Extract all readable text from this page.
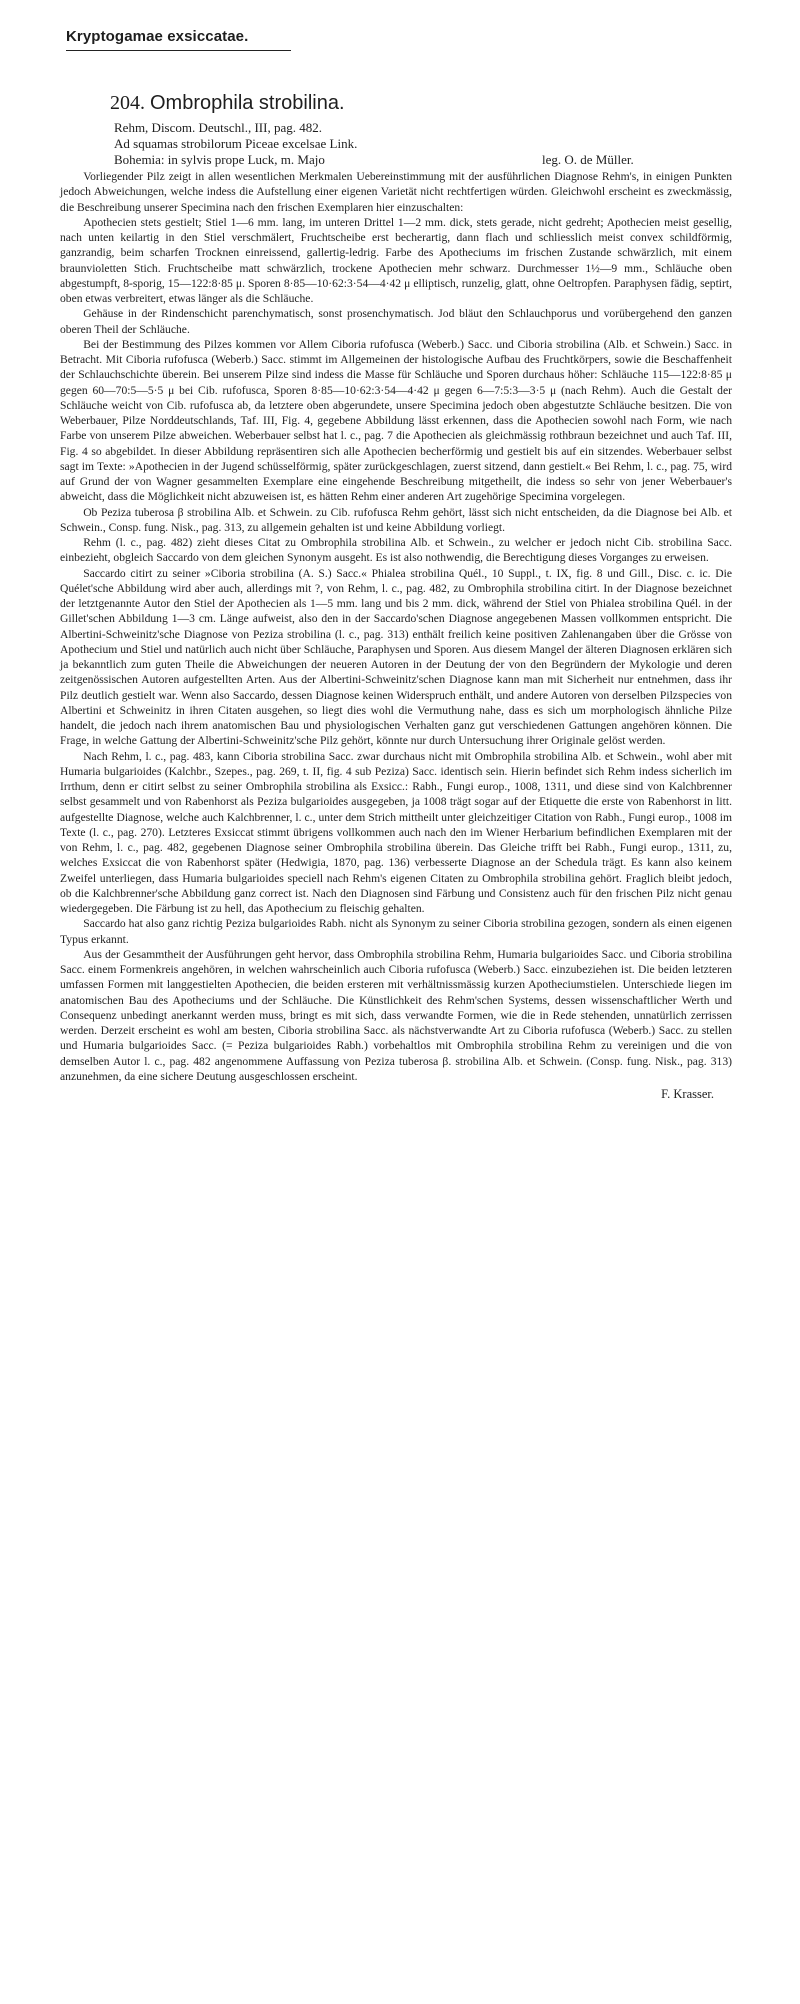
Kryptogamae exsiccatae.
204. Ombrophila strobilina.
Rehm, Discom. Deutschl., III, pag. 482.
Ad squamas strobilorum Piceae excelsae Link.
Bohemia: in sylvis prope Luck, m. Majo	leg. O. de Müller.

Vorliegender Pilz zeigt in allen wesentlichen Merkmalen Uebereinstimmung mit der ausführlichen Diagnose Rehm's, in einigen Punkten jedoch Abweichungen, welche indess die Aufstellung einer eigenen Varietät nicht rechtfertigen würden. Gleichwohl erscheint es zweckmässig, die Beschreibung unserer Specimina nach den frischen Exemplaren hier einzuschalten:

Apothecien stets gestielt; Stiel 1—6 mm. lang, im unteren Drittel 1—2 mm. dick, stets gerade, nicht gedreht; Apothecien meist gesellig, nach unten keilartig in den Stiel verschmälert, Fruchtscheibe erst becherartig, dann flach und schliesslich meist convex schildförmig, ganzrandig, beim scharfen Trocknen einreissend, gallertig-ledrig. Farbe des Apotheciums im frischen Zustande schwärzlich, mit einem braunvioletten Stich. Fruchtscheibe matt schwärzlich, trockene Apothecien mehr schwarz. Durchmesser 1½—9 mm., Schläuche oben abgestumpft, 8-sporig, 15—122:8·85 μ. Sporen 8·85—10·62:3·54—4·42 μ elliptisch, runzelig, glatt, ohne Oeltropfen. Paraphysen fädig, septirt, oben etwas verbreitert, etwas länger als die Schläuche.

Gehäuse in der Rindenschicht parenchymatisch, sonst prosenchymatisch. Jod bläut den Schlauchporus und vorübergehend den ganzen oberen Theil der Schläuche.

Bei der Bestimmung des Pilzes kommen vor Allem Ciboria rufofusca (Weberb.) Sacc. und Ciboria strobilina (Alb. et Schwein.) Sacc. in Betracht. Mit Ciboria rufofusca (Weberb.) Sacc. stimmt im Allgemeinen der histologische Aufbau des Fruchtkörpers, sowie die Beschaffenheit der Schlauchschichte überein. Bei unserem Pilze sind indess die Masse für Schläuche und Sporen durchaus höher: Schläuche 115—122:8·85 μ gegen 60—70:5—5·5 μ bei Cib. rufofusca, Sporen 8·85—10·62:3·54—4·42 μ gegen 6—7:5:3—3·5 μ (nach Rehm). Auch die Gestalt der Schläuche weicht von Cib. rufofusca ab, da letztere oben abgerundete, unsere Specimina jedoch oben abgestutzte Schläuche besitzen. Die von Weberbauer, Pilze Norddeutschlands, Taf. III, Fig. 4, gegebene Abbildung lässt erkennen, dass die Apothecien sowohl nach Form, wie nach Farbe von unserem Pilze abweichen. Weberbauer selbst hat l. c., pag. 7 die Apothecien als gleichmässig rothbraun bezeichnet und auch Taf. III, Fig. 4 so abgebildet. In dieser Abbildung repräsentiren sich alle Apothecien becherförmig und gestielt bis auf ein sitzendes. Weberbauer selbst sagt im Texte: »Apothecien in der Jugend schüsselförmig, später zurückgeschlagen, zuerst sitzend, dann gestielt.« Bei Rehm, l. c., pag. 75, wird auf Grund der von Wagner gesammelten Exemplare eine eingehende Beschreibung mitgetheilt, die indess so sehr von jener Weberbauer's abweicht, dass die Möglichkeit nicht abzuweisen ist, es hätten Rehm einer anderen Art zugehörige Specimina vorgelegen.

Ob Peziza tuberosa β strobilina Alb. et Schwein. zu Cib. rufofusca Rehm gehört, lässt sich nicht entscheiden, da die Diagnose bei Alb. et Schwein., Consp. fung. Nisk., pag. 313, zu allgemein gehalten ist und keine Abbildung vorliegt.

Rehm (l. c., pag. 482) zieht dieses Citat zu Ombrophila strobilina Alb. et Schwein., zu welcher er jedoch nicht Cib. strobilina Sacc. einbezieht, obgleich Saccardo von dem gleichen Synonym ausgeht. Es ist also nothwendig, die Berechtigung dieses Vorganges zu erweisen.

Saccardo citirt zu seiner »Ciboria strobilina (A. S.) Sacc.« Phialea strobilina Quél., 10 Suppl., t. IX, fig. 8 und Gill., Disc. c. ic. Die Quélet'sche Abbildung wird aber auch, allerdings mit ?, von Rehm, l. c., pag. 482, zu Ombrophila strobilina citirt. In der Diagnose bezeichnet der letztgenannte Autor den Stiel der Apothecien als 1—5 mm. lang und bis 2 mm. dick, während der Stiel von Phialea strobilina Quél. in der Gillet'schen Abbildung 1—3 cm. Länge aufweist, also den in der Saccardo'schen Diagnose angegebenen Massen vollkommen entspricht. Die Albertini-Schweinitz'sche Diagnose von Peziza strobilina (l. c., pag. 313) enthält freilich keine positiven Zahlenangaben über die Grösse von Apothecium und Stiel und natürlich auch nicht über Schläuche, Paraphysen und Sporen. Aus diesem Mangel der älteren Diagnosen erklären sich ja bekanntlich zum guten Theile die Abweichungen der neueren Autoren in der Deutung der von den Begründern der Mykologie und deren zeitgenössischen Autoren aufgestellten Arten. Aus der Albertini-Schweinitz'schen Diagnose kann man mit Sicherheit nur entnehmen, dass ihr Pilz deutlich gestielt war. Wenn also Saccardo, dessen Diagnose keinen Widerspruch enthält, und andere Autoren von derselben Pilzspecies von Albertini et Schweinitz in ihren Citaten ausgehen, so liegt dies wohl die Vermuthung nahe, dass es sich um morphologisch ähnliche Pilze handelt, die jedoch nach ihrem anatomischen Bau und physiologischen Verhalten ganz gut verschiedenen Gattungen angehören können. Die Frage, in welche Gattung der Albertini-Schweinitz'sche Pilz gehört, könnte nur durch Untersuchung ihrer Originale gelöst werden.

Nach Rehm, l. c., pag. 483, kann Ciboria strobilina Sacc. zwar durchaus nicht mit Ombrophila strobilina Alb. et Schwein., wohl aber mit Humaria bulgarioides (Kalchbr., Szepes., pag. 269, t. II, fig. 4 sub Peziza) Sacc. identisch sein. Hierin befindet sich Rehm indess sicherlich im Irrthum, denn er citirt selbst zu seiner Ombrophila strobilina als Exsicc.: Rabh., Fungi europ., 1008, 1311, und diese sind von Kalchbrenner selbst gesammelt und von Rabenhorst als Peziza bulgarioides ausgegeben, ja 1008 trägt sogar auf der Etiquette die erste von Rabenhorst in litt. aufgestellte Diagnose, welche auch Kalchbrenner, l. c., unter dem Strich mittheilt unter gleichzeitiger Citation von Rabh., Fungi europ., 1008 im Texte (l. c., pag. 270). Letzteres Exsiccat stimmt übrigens vollkommen auch nach den im Wiener Herbarium befindlichen Exemplaren mit der von Rehm, l. c., pag. 482, gegebenen Diagnose seiner Ombrophila strobilina überein. Das Gleiche trifft bei Rabh., Fungi europ., 1311, zu, welches Exsiccat die von Rabenhorst später (Hedwigia, 1870, pag. 136) verbesserte Diagnose an der Schedula trägt. Es kann also keinem Zweifel unterliegen, dass Humaria bulgarioides speciell nach Rehm's eigenen Citaten zu Ombrophila strobilina gehört. Fraglich bleibt jedoch, ob die Kalchbrenner'sche Abbildung ganz correct ist. Nach den Diagnosen sind Färbung und Consistenz auch für den frischen Pilz nicht genau wiedergegeben. Die Färbung ist zu hell, das Apothecium zu fleischig gehalten.

Saccardo hat also ganz richtig Peziza bulgarioides Rabh. nicht als Synonym zu seiner Ciboria strobilina gezogen, sondern als einen eigenen Typus erkannt.

Aus der Gesammtheit der Ausführungen geht hervor, dass Ombrophila strobilina Rehm, Humaria bulgarioides Sacc. und Ciboria strobilina Sacc. einem Formenkreis angehören, in welchen wahrscheinlich auch Ciboria rufofusca (Weberb.) Sacc. einzubeziehen ist. Die beiden letzteren umfassen Formen mit langgestielten Apothecien, die beiden ersteren mit verhältnissmässig kurzen Apotheciumstielen. Unterschiede liegen im anatomischen Bau des Apotheciums und der Schläuche. Die Künstlichkeit des Rehm'schen Systems, dessen wissenschaftlicher Werth und Consequenz unbedingt anerkannt werden muss, bringt es mit sich, dass verwandte Formen, wie die in Rede stehenden, unnatürlich zerrissen werden. Derzeit erscheint es wohl am besten, Ciboria strobilina Sacc. als nächstverwandte Art zu Ciboria rufofusca (Weberb.) Sacc. zu stellen und Humaria bulgarioides Sacc. (= Peziza bulgarioides Rabh.) vorbehaltlos mit Ombrophila strobilina Rehm zu vereinigen und die von demselben Autor l. c., pag. 482 angenommene Auffassung von Peziza tuberosa β. strobilina Alb. et Schwein. (Consp. fung. Nisk., pag. 313) anzunehmen, da eine sichere Deutung ausgeschlossen erscheint.

F. Krasser.
